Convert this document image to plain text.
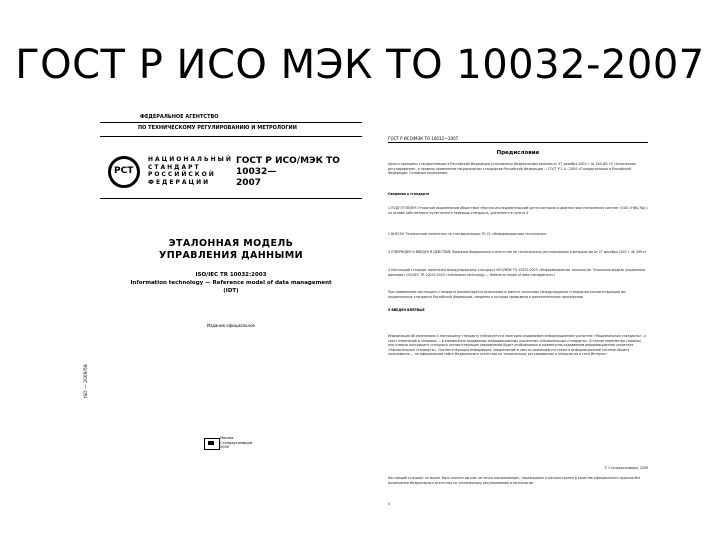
ГОСТ Р ИСО МЭК ТО 10032-2007
ФЕДЕРАЛЬНОЕ АГЕНТСТВО
ПО ТЕХНИЧЕСКОМУ РЕГУЛИРОВАНИЮ И МЕТРОЛОГИИ
РСТ
НАЦИОНАЛЬНЫЙ
СТАНДАРТ
РОССИЙСКОЙ
ФЕДЕРАЦИИ
ГОСТ Р ИСО/МЭК ТО
10032—
2007
ЭТАЛОННАЯ МОДЕЛЬ
УПРАВЛЕНИЯ ДАННЫМИ
ISO/IEC TR 10032:2003
Information technology — Reference model of data management
(IDT)
Издание официальное
ISO — 2009/58
Москва
Стандартинформ
2009
ГОСТ Р ИСО/МЭК ТО 10032—2007
Предисловие
Цели и принципы стандартизации в Российской Федерации установлены Федеральным законом от 27 декабря 2002 г. № 184-ФЗ «О техническом регулировании», а правила применения национальных стандартов Российской Федерации — ГОСТ Р 1.0—2004 «Стандартизация в Российской Федерации. Основные положения»
Сведения о стандарте
1 ПОДГОТОВЛЕН Открытым акционерным обществом «Научно-исследовательский центр контроля и диагностики технических систем» (ОАО «НИЦ КД») на основе собственного аутентичного перевода стандарта, указанного в пункте 4
2 ВНЕСЕН Техническим комитетом по стандартизации ТК 22 «Информационные технологии»
3 УТВЕРЖДЕН И ВВЕДЕН В ДЕЙСТВИЕ Приказом Федерального агентства по техническому регулированию и метрологии от 27 декабря 2007 г. № 499-ст
4 Настоящий стандарт идентичен международному стандарту ИСО/МЭК ТО 10032:2003 «Информационная технология. Эталонная модель управления данными» (ISO/IEC TR 10032:2003 «Information technology — Reference model of data management»)
При применении настоящего стандарта рекомендуется использовать вместо ссылочных международных стандартов соответствующие им национальные стандарты Российской Федерации, сведения о которых приведены в дополнительном приложении
5 ВВЕДЕН ВПЕРВЫЕ
Информация об изменениях к настоящему стандарту публикуется в ежегодно издаваемом информационном указателе «Национальные стандарты», а текст изменений и поправок — в ежемесячно издаваемых информационных указателях «Национальные стандарты». В случае пересмотра (замены) или отмены настоящего стандарта соответствующее уведомление будет опубликовано в ежемесячно издаваемом информационном указателе «Национальные стандарты». Соответствующая информация, уведомление и тексты размещаются также в информационной системе общего пользования — на официальном сайте Федерального агентства по техническому регулированию и метрологии в сети Интернет
© Стандартинформ, 2009
Настоящий стандарт не может быть полностью или частично воспроизведен, тиражирован и распространен в качестве официального издания без разрешения Федерального агентства по техническому регулированию и метрологии
II
